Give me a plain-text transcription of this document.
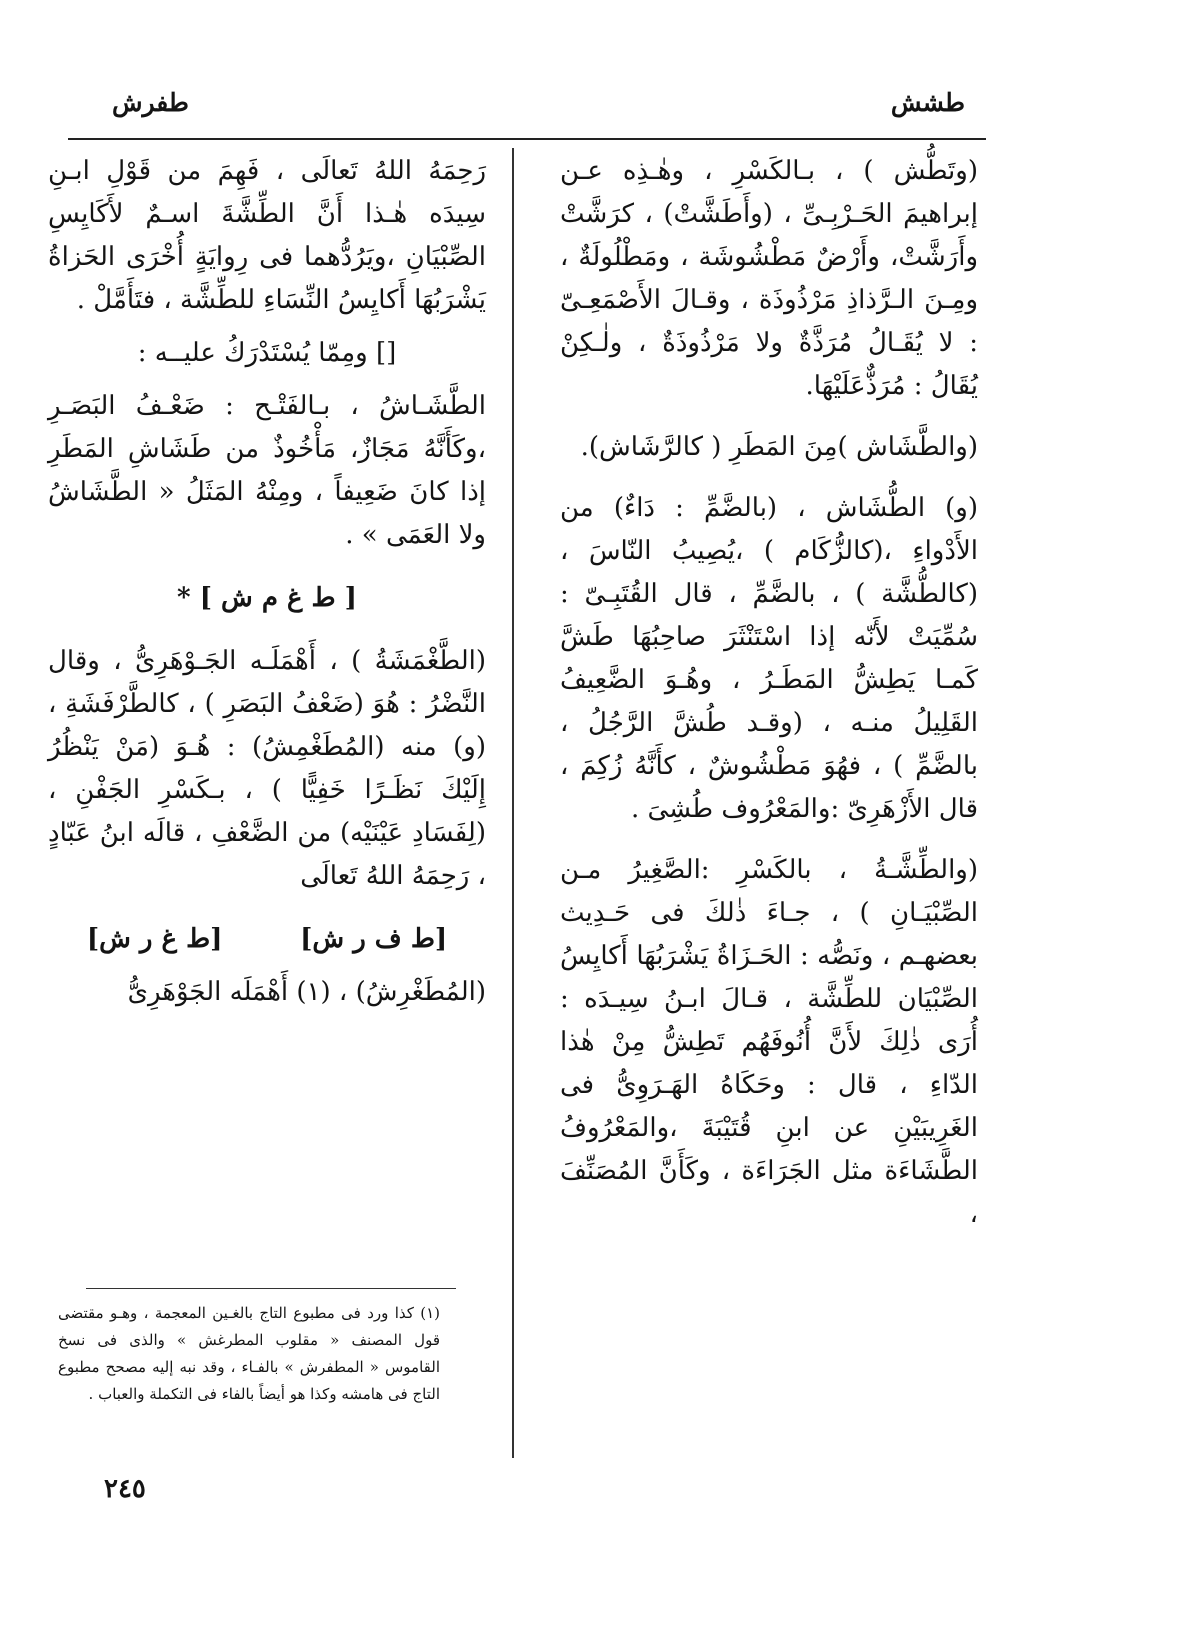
طشش
طفرش

(وتَطُّش ) ، بـالكَسْرِ ، وهٰـذِه عـن إبراهيمَ الحَـرْبِـىِّ ، (وأَطَشَّتْ) ، كرَشَّتْ وأَرَشَّتْ، وأَرْضٌ مَطْشُوشَة ، ومَطْلُولَةٌ ، ومِـنَ الـرَّذاذِ مَرْذُوذَة ، وقـالَ الأَصْمَعِـىّ : لا يُقَـالُ مُرَذَّةٌ ولا مَرْذُوذَةٌ ، ولٰـكِنْ يُقَالُ : مُرَذٌّعَلَيْهَا.

(والطَّشَاش )مِنَ المَطَرِ ( كالرَّشَاش).

(و) الطُّشَاش ، (بالضَّمِّ : دَاءٌ) من الأَدْواءِ ،(كالزُّكَام ) ،يُصِيبُ النّاسَ ، (كالطُّشَّة ) ، بالضَّمِّ ، قال القُتَبِـىّ : سُمِّيَتْ لأَنّه إذا اسْتَنْثَرَ صاحِبُهَا طَشَّ كَمـا يَطِشُّ المَطَـرُ ، وهُـوَ الضَّعِيفُ القَلِيلُ منـه ، (وقـد طُشَّ الرَّجُلُ ، بالضَّمِّ ) ، فهُوَ مَطْشُوشٌ ، كأَنَّهُ زُكِمَ ، قال الأَزْهَرِىّ :والمَعْرُوف طُشِىَ .

(والطِّشَّـةُ ، بالكَسْرِ :الصَّغِيرُ مـن الصِّبْيَـانِ ) ، جـاءَ ذٰلكَ فى حَـدِيث بعضهـم ، ونَصُّه : الحَـزَاةُ يَشْرَبُهَا أَكايِسُ الصِّبْيَان للطِّشَّة ، قـالَ ابـنُ سِيـدَه : أُرَى ذٰلِكَ لأَنَّ أُنُوفَهُم تَطِشُّ مِنْ هٰذا الدّاءِ ، قال : وحَكَاهُ الهَـرَوِىُّ فى الغَرِيبَيْنِ عن ابنِ قُتَيْبَةَ ،والمَعْرُوفُ الطَّشَاءَة مثل الجَرَاءَة ، وكَأَنَّ المُصَنِّفَ ،

رَحِمَهُ اللهُ تَعالَى ، فَهِمَ من قَوْلِ ابـنِ سِيدَه هٰـذا أَنَّ الطِّشَّةَ اسـمٌ لأَكَايِسِ الصِّبْيَانِ ،ويَرُدُّهما فى رِوايَةٍ أُخْرَى الحَزاةُ يَشْرَبُهَا أَكايِسُ النِّسَاءِ للطِّشَّة ، فتَأَمَّلْ .

[] ومِمّا يُسْتَدْرَكُ عليــه :

الطَّشَـاشُ ، بـالفَتْـح : ضَعْـفُ البَصَـرِ ،وكَأَنَّهُ مَجَازٌ، مَأْخُوذٌ من طَشَاشِ المَطَرِ إذا كانَ ضَعِيفاً ، ومِنْهُ المَثَلُ « الطَّشَاشُ ولا العَمَى » .

[ ط غ م ش ] *

(الطَّغْمَشَةُ ) ، أَهْمَلَـه الجَـوْهَرِىُّ ، وقال النَّضْرُ : هُوَ (ضَعْفُ البَصَرِ ) ، كالطَّرْفَشَةِ ، (و) منه (المُطَغْمِشُ) : هُـوَ (مَنْ يَنْظُرُ إِلَيْكَ نَظَـرًا خَفِيًّا ) ، بـكَسْرِ الجَفْنِ ، (لِفَسَادِ عَيْنَيْه) من الضَّعْفِ ، قالَه ابنُ عَبّادٍ ، رَحِمَهُ اللهُ تَعالَى

[ط ف ر ش]
[ط غ ر ش]

(المُطَغْرِشُ) ، (١) أَهْمَلَه الجَوْهَرِىُّ

(١) كذا ورد فى مطبوع التاج بالغـين المعجمة ، وهـو مقتضى قول المصنف « مقلوب المطرغش » والذى فى نسخ القاموس « المطفرش » بالفـاء ، وقد نبه إليه مصحح مطبوع التاج فى هامشه وكذا هو أيضاً بالفاء فى التكملة والعباب .

٢٤٥
